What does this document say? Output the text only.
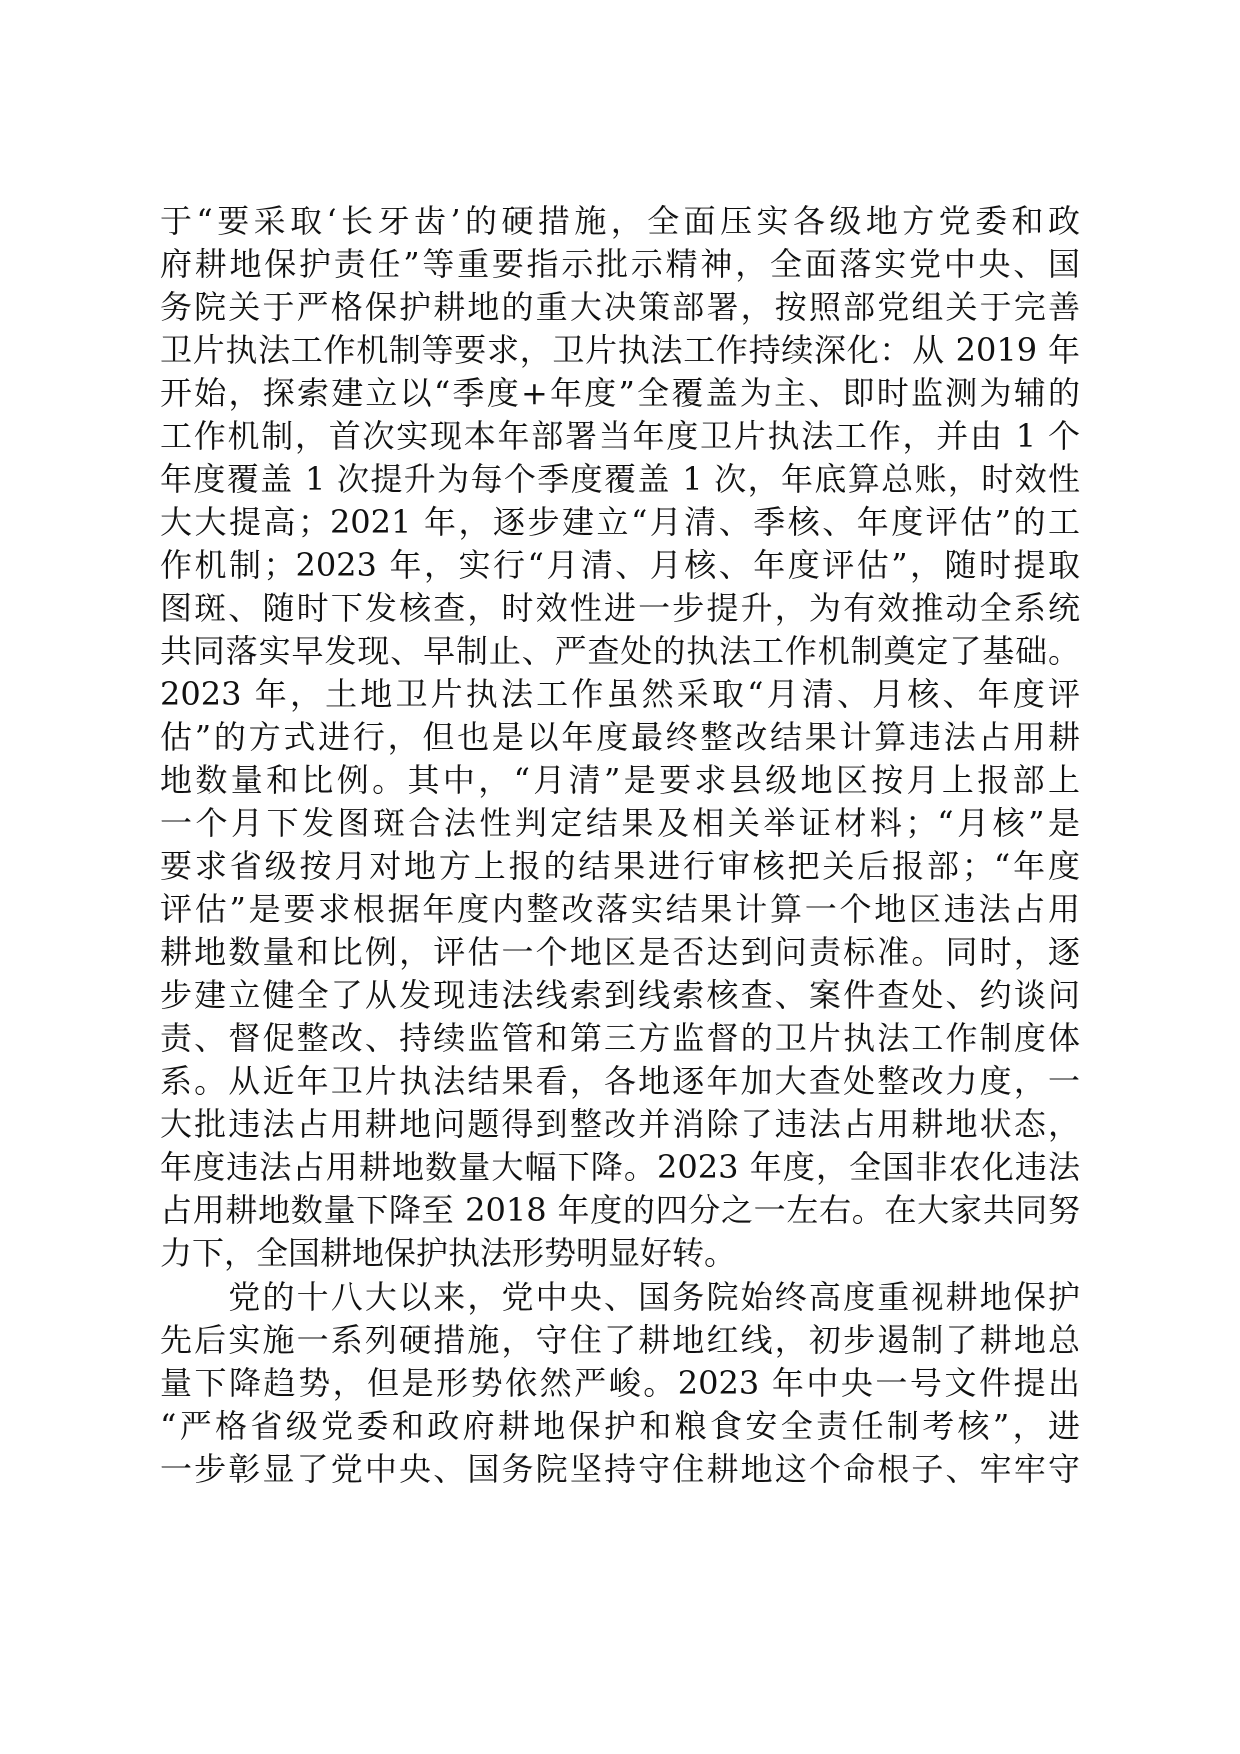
于“要采取‘长牙齿’的硬措施，全面压实各级地方党委和政
府耕地保护责任”等重要指示批示精神，全面落实党中央、国
务院关于严格保护耕地的重大决策部署，按照部党组关于完善
卫片执法工作机制等要求，卫片执法工作持续深化：从 2019 年
开始，探索建立以“季度+年度”全覆盖为主、即时监测为辅的
工作机制，首次实现本年部署当年度卫片执法工作，并由 1 个
年度覆盖 1 次提升为每个季度覆盖 1 次，年底算总账，时效性
大大提高；2021 年，逐步建立“月清、季核、年度评估”的工
作机制；2023 年，实行“月清、月核、年度评估”，随时提取
图斑、随时下发核查，时效性进一步提升，为有效推动全系统
共同落实早发现、早制止、严查处的执法工作机制奠定了基础。
2023 年，土地卫片执法工作虽然采取“月清、月核、年度评
估”的方式进行，但也是以年度最终整改结果计算违法占用耕
地数量和比例。其中，“月清”是要求县级地区按月上报部上
一个月下发图斑合法性判定结果及相关举证材料；“月核”是
要求省级按月对地方上报的结果进行审核把关后报部；“年度
评估”是要求根据年度内整改落实结果计算一个地区违法占用
耕地数量和比例，评估一个地区是否达到问责标准。同时，逐
步建立健全了从发现违法线索到线索核查、案件查处、约谈问
责、督促整改、持续监管和第三方监督的卫片执法工作制度体
系。从近年卫片执法结果看，各地逐年加大查处整改力度，一
大批违法占用耕地问题得到整改并消除了违法占用耕地状态，
年度违法占用耕地数量大幅下降。2023 年度，全国非农化违法
占用耕地数量下降至 2018 年度的四分之一左右。在大家共同努
力下，全国耕地保护执法形势明显好转。
　　党的十八大以来，党中央、国务院始终高度重视耕地保护
先后实施一系列硬措施，守住了耕地红线，初步遏制了耕地总
量下降趋势，但是形势依然严峻。2023 年中央一号文件提出
“严格省级党委和政府耕地保护和粮食安全责任制考核”，进
一步彰显了党中央、国务院坚持守住耕地这个命根子、牢牢守
